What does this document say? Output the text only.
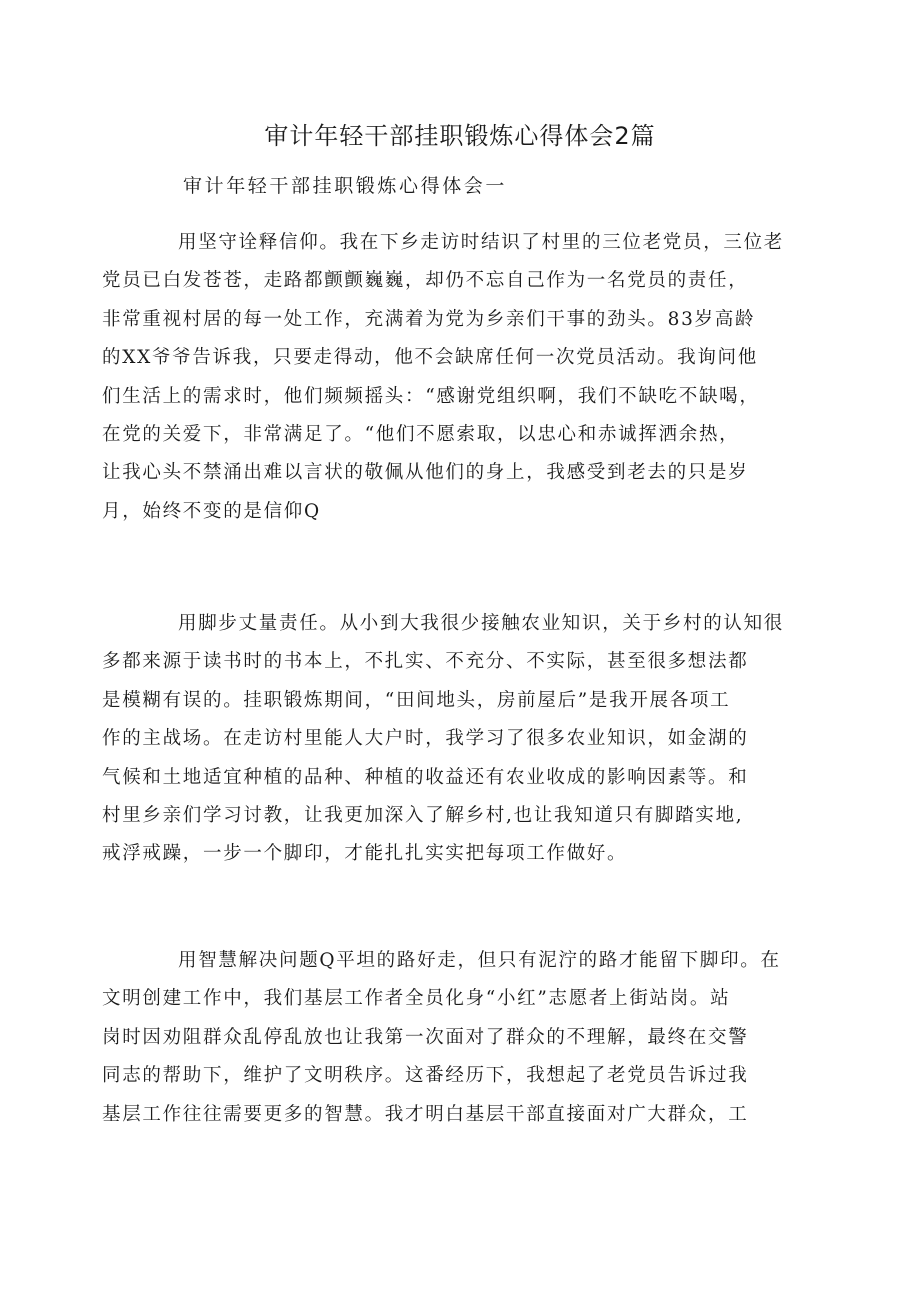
审计年轻干部挂职锻炼心得体会2篇

审计年轻干部挂职锻炼心得体会一

用坚守诠释信仰。我在下乡走访时结识了村里的三位老党员，三位老
党员已白发苍苍，走路都颤颤巍巍，却仍不忘自己作为一名党员的责任，
非常重视村居的每一处工作，充满着为党为乡亲们干事的劲头。83岁高龄
的XX爷爷告诉我，只要走得动，他不会缺席任何一次党员活动。我询问他
们生活上的需求时，他们频频摇头：“感谢党组织啊，我们不缺吃不缺喝，
在党的关爱下，非常满足了。“他们不愿索取，以忠心和赤诚挥洒余热，
让我心头不禁涌出难以言状的敬佩从他们的身上，我感受到老去的只是岁
月，始终不变的是信仰Q

用脚步丈量责任。从小到大我很少接触农业知识，关于乡村的认知很
多都来源于读书时的书本上，不扎实、不充分、不实际，甚至很多想法都
是模糊有误的。挂职锻炼期间，“田间地头，房前屋后”是我开展各项工
作的主战场。在走访村里能人大户时，我学习了很多农业知识，如金湖的
气候和土地适宜种植的品种、种植的收益还有农业收成的影响因素等。和
村里乡亲们学习讨教，让我更加深入了解乡村,也让我知道只有脚踏实地,
戒浮戒躁，一步一个脚印，才能扎扎实实把每项工作做好。

用智慧解决问题Q平坦的路好走，但只有泥泞的路才能留下脚印。在
文明创建工作中，我们基层工作者全员化身“小红”志愿者上街站岗。站
岗时因劝阻群众乱停乱放也让我第一次面对了群众的不理解，最终在交警
同志的帮助下，维护了文明秩序。这番经历下，我想起了老党员告诉过我
基层工作往往需要更多的智慧。我才明白基层干部直接面对广大群众，工
